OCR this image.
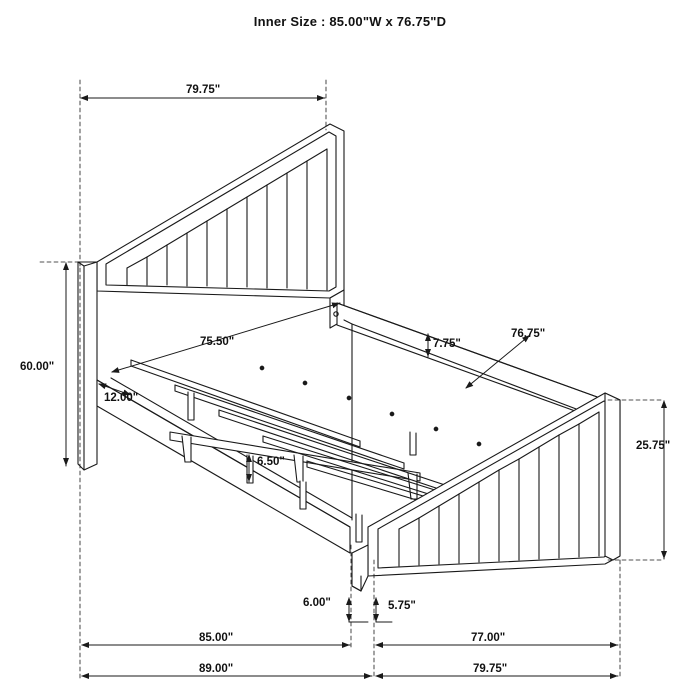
Inner Size : 85.00"W x 76.75"D
79.75"
60.00"
75.50"	7.75"
76.75"
12.00"
25.75"
6.50"
6.00"	5.75"
85.00"	77.00"
89.00"	79.75"
